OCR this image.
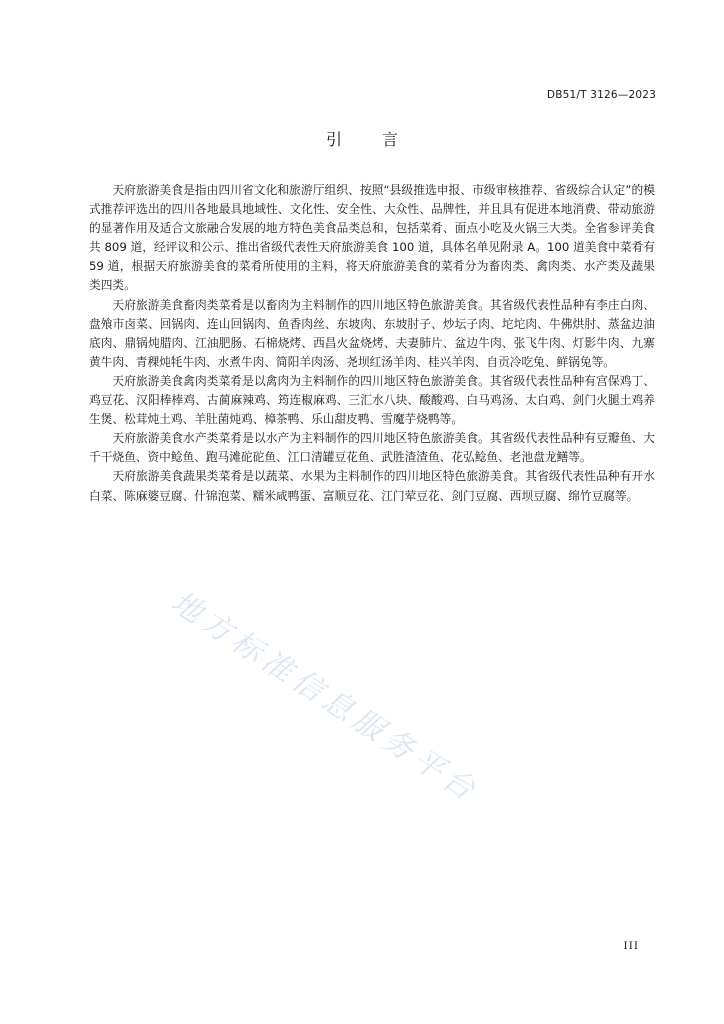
DB51/T 3126—2023
引	言

天府旅游美食是指由四川省文化和旅游厅组织、按照“县级推选申报、市级审核推荐、省级综合认定”的模式推荐评选出的四川各地最具地域性、文化性、安全性、大众性、品牌性，并且具有促进本地消费、带动旅游的显著作用及适合文旅融合发展的地方特色美食品类总和，包括菜肴、面点小吃及火锅三大类。全省参评美食共 809 道，经评议和公示、推出省级代表性天府旅游美食 100 道，具体名单见附录 A。100 道美食中菜肴有 59 道，根据天府旅游美食的菜肴所使用的主料，将天府旅游美食的菜肴分为畜肉类、禽肉类、水产类及蔬果类四类。

天府旅游美食畜肉类菜肴是以畜肉为主料制作的四川地区特色旅游美食。其省级代表性品种有李庄白肉、盘飧市卤菜、回锅肉、连山回锅肉、鱼香肉丝、东坡肉、东坡肘子、炒坛子肉、坨坨肉、牛佛烘肘、蒸盆边油底肉、鼎锅炖腊肉、江油肥肠、石棉烧烤、西昌火盆烧烤、夫妻肺片、盆边牛肉、张飞牛肉、灯影牛肉、九寨黄牛肉、青稞炖牦牛肉、水煮牛肉、简阳羊肉汤、尧坝红汤羊肉、桂兴羊肉、自贡冷吃兔、鲜锅兔等。

天府旅游美食禽肉类菜肴是以禽肉为主料制作的四川地区特色旅游美食。其省级代表性品种有宫保鸡丁、鸡豆花、汉阳棒棒鸡、古蔺麻辣鸡、筠连椒麻鸡、三汇水八块、酸酸鸡、白马鸡汤、太白鸡、剑门火腿土鸡养生煲、松茸炖土鸡、羊肚菌炖鸡、樟茶鸭、乐山甜皮鸭、雪魔芋烧鸭等。

天府旅游美食水产类菜肴是以水产为主料制作的四川地区特色旅游美食。其省级代表性品种有豆瓣鱼、大千干烧鱼、资中鲶鱼、跑马滩砣砣鱼、江口清罐豆花鱼、武胜渣渣鱼、花弘鲶鱼、老池盘龙鳝等。

天府旅游美食蔬果类菜肴是以蔬菜、水果为主料制作的四川地区特色旅游美食。其省级代表性品种有开水白菜、陈麻婆豆腐、什锦泡菜、糯米咸鸭蛋、富顺豆花、江门荤豆花、剑门豆腐、西坝豆腐、绵竹豆腐等。

地方标准信息服务平台
III
